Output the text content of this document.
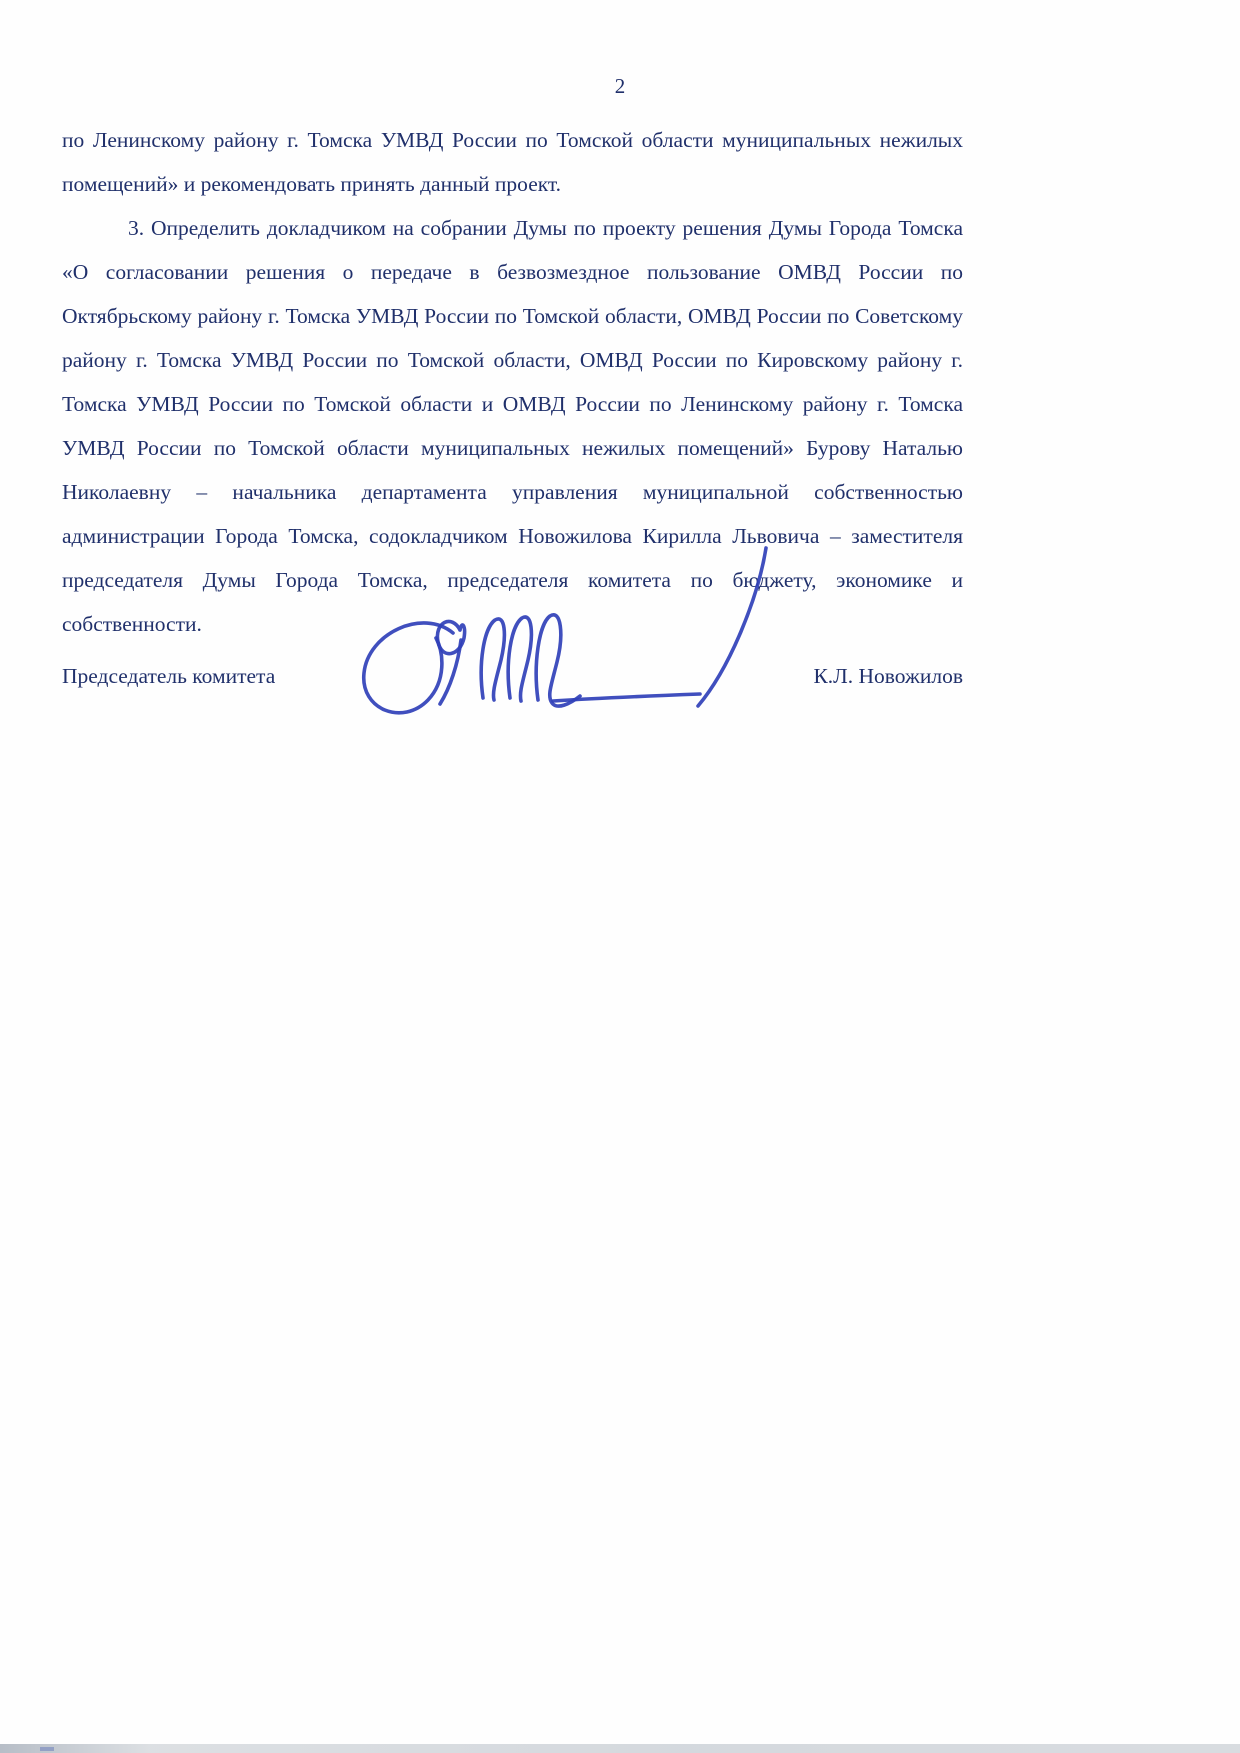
2

по Ленинскому району г. Томска УМВД России по Томской области муниципальных нежилых помещений» и рекомендовать принять данный проект.

3. Определить докладчиком на собрании Думы по проекту решения Думы Города Томска «О согласовании решения о передаче в безвозмездное пользование ОМВД России по Октябрьскому району г. Томска УМВД России по Томской области, ОМВД России по Советскому району г. Томска УМВД России по Томской области, ОМВД России по Кировскому району г. Томска УМВД России по Томской области и ОМВД России по Ленинскому району г. Томска УМВД России по Томской области муниципальных нежилых помещений» Бурову Наталью Николаевну – начальника департамента управления муниципальной собственностью администрации Города Томска, содокладчиком Новожилова Кирилла Львовича – заместителя председателя Думы Города Томска, председателя комитета по бюджету, экономике и собственности.

Председатель комитета	К.Л. Новожилов
